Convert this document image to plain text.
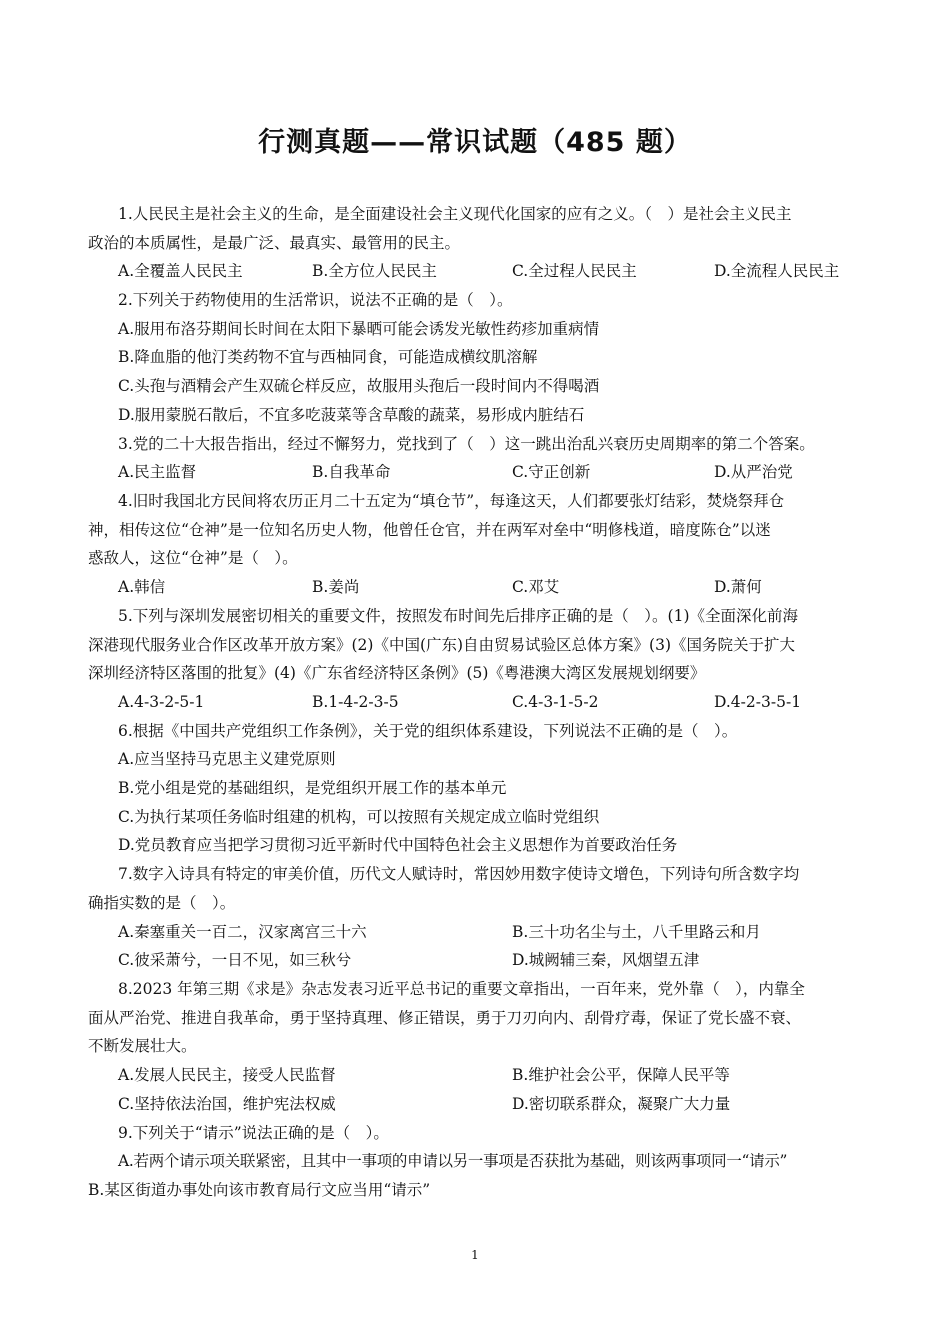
行测真题——常识试题（485 题）
1.人民民主是社会主义的生命，是全面建设社会主义现代化国家的应有之义。（　）是社会主义民主
政治的本质属性，是最广泛、最真实、最管用的民主。
A.全覆盖人民民主	B.全方位人民民主	C.全过程人民民主	D.全流程人民民主
2.下列关于药物使用的生活常识，说法不正确的是（　）。
A.服用布洛芬期间长时间在太阳下暴晒可能会诱发光敏性药疹加重病情
B.降血脂的他汀类药物不宜与西柚同食，可能造成横纹肌溶解
C.头孢与酒精会产生双硫仑样反应，故服用头孢后一段时间内不得喝酒
D.服用蒙脱石散后，不宜多吃菠菜等含草酸的蔬菜，易形成内脏结石
3.党的二十大报告指出，经过不懈努力，党找到了（　）这一跳出治乱兴衰历史周期率的第二个答案。
A.民主监督	B.自我革命	C.守正创新	D.从严治党
4.旧时我国北方民间将农历正月二十五定为“填仓节”，每逢这天，人们都要张灯结彩，焚烧祭拜仓
神，相传这位“仓神”是一位知名历史人物，他曾任仓官，并在两军对垒中“明修栈道，暗度陈仓”以迷
惑敌人，这位“仓神”是（　）。
A.韩信	B.姜尚	C.邓艾	D.萧何
5.下列与深圳发展密切相关的重要文件，按照发布时间先后排序正确的是（　）。(1)《全面深化前海
深港现代服务业合作区改革开放方案》(2)《中国(广东)自由贸易试验区总体方案》(3)《国务院关于扩大
深圳经济特区落围的批复》(4)《广东省经济特区条例》(5)《粤港澳大湾区发展规划纲要》
A.4-3-2-5-1	B.1-4-2-3-5	C.4-3-1-5-2	D.4-2-3-5-1
6.根据《中国共产党组织工作条例》，关于党的组织体系建设，下列说法不正确的是（　）。
A.应当坚持马克思主义建党原则
B.党小组是党的基础组织，是党组织开展工作的基本单元
C.为执行某项任务临时组建的机构，可以按照有关规定成立临时党组织
D.党员教育应当把学习贯彻习近平新时代中国特色社会主义思想作为首要政治任务
7.数字入诗具有特定的审美价值，历代文人赋诗时，常因妙用数字使诗文增色，下列诗句所含数字均
确指实数的是（　）。
A.秦塞重关一百二，汉家离宫三十六	B.三十功名尘与土，八千里路云和月
C.彼采萧兮，一日不见，如三秋兮	D.城阙辅三秦，风烟望五津
8.2023 年第三期《求是》杂志发表习近平总书记的重要文章指出，一百年来，党外靠（　），内靠全
面从严治党、推进自我革命，勇于坚持真理、修正错误，勇于刀刃向内、刮骨疗毒，保证了党长盛不衰、
不断发展壮大。
A.发展人民民主，接受人民监督	B.维护社会公平，保障人民平等
C.坚持依法治国，维护宪法权威	D.密切联系群众，凝聚广大力量
9.下列关于“请示”说法正确的是（　）。
A.若两个请示项关联紧密，且其中一事项的申请以另一事项是否获批为基础，则该两事项同一“请示”
B.某区街道办事处向该市教育局行文应当用“请示”
1
